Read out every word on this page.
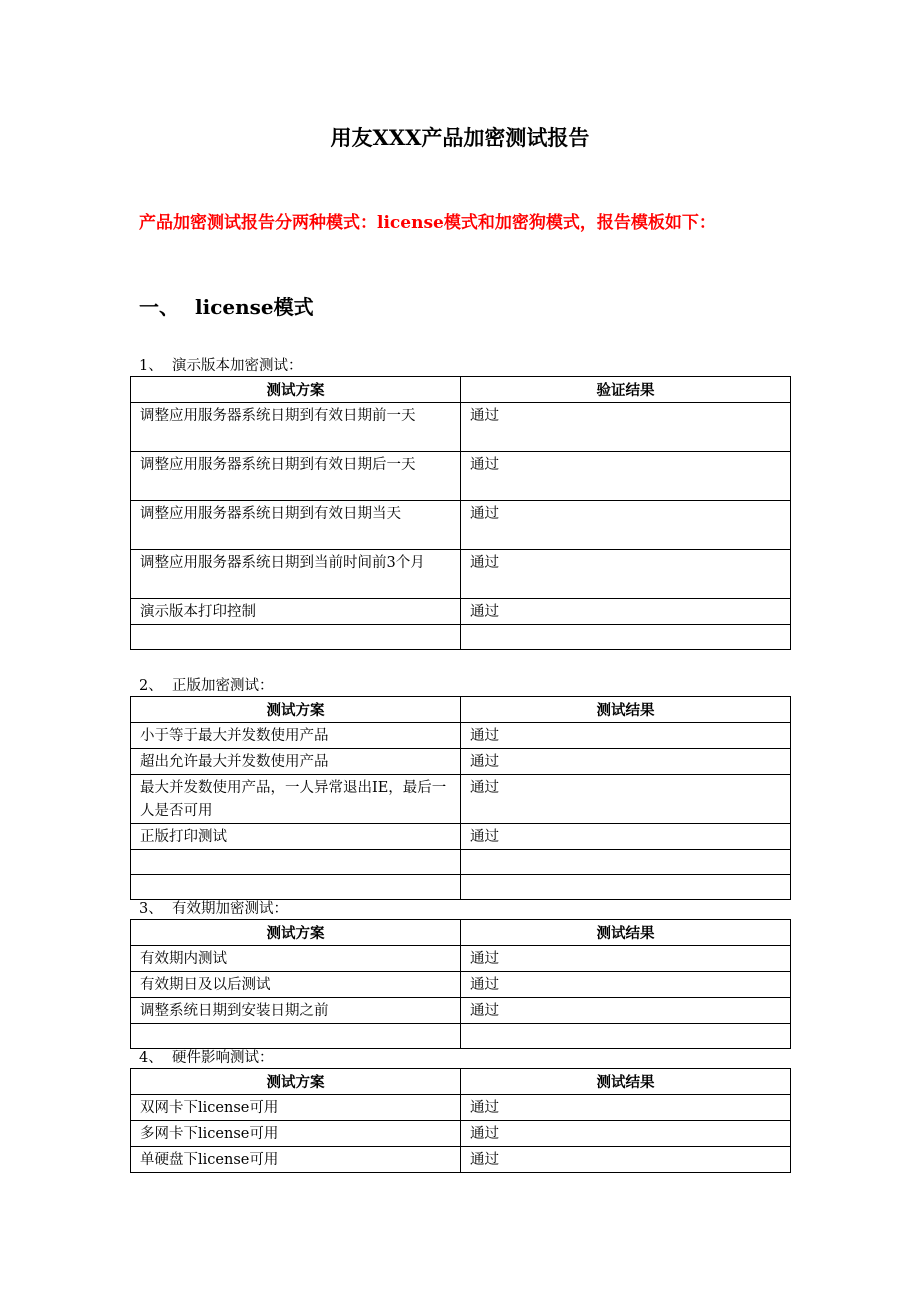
用友XXX产品加密测试报告
产品加密测试报告分两种模式：license模式和加密狗模式，报告模板如下：
一、 license模式
1、 演示版本加密测试：
测试方案	验证结果
调整应用服务器系统日期到有效日期前一天	通过
调整应用服务器系统日期到有效日期后一天	通过
调整应用服务器系统日期到有效日期当天	通过
调整应用服务器系统日期到当前时间前3个月	通过
演示版本打印控制	通过

2、 正版加密测试：
测试方案	测试结果
小于等于最大并发数使用产品	通过
超出允许最大并发数使用产品	通过
最大并发数使用产品，一人异常退出IE，最后一人是否可用	通过
正版打印测试	通过

3、 有效期加密测试：
测试方案	测试结果
有效期内测试	通过
有效期日及以后测试	通过
调整系统日期到安装日期之前	通过

4、 硬件影响测试：
测试方案	测试结果
双网卡下license可用	通过
多网卡下license可用	通过
单硬盘下license可用	通过
